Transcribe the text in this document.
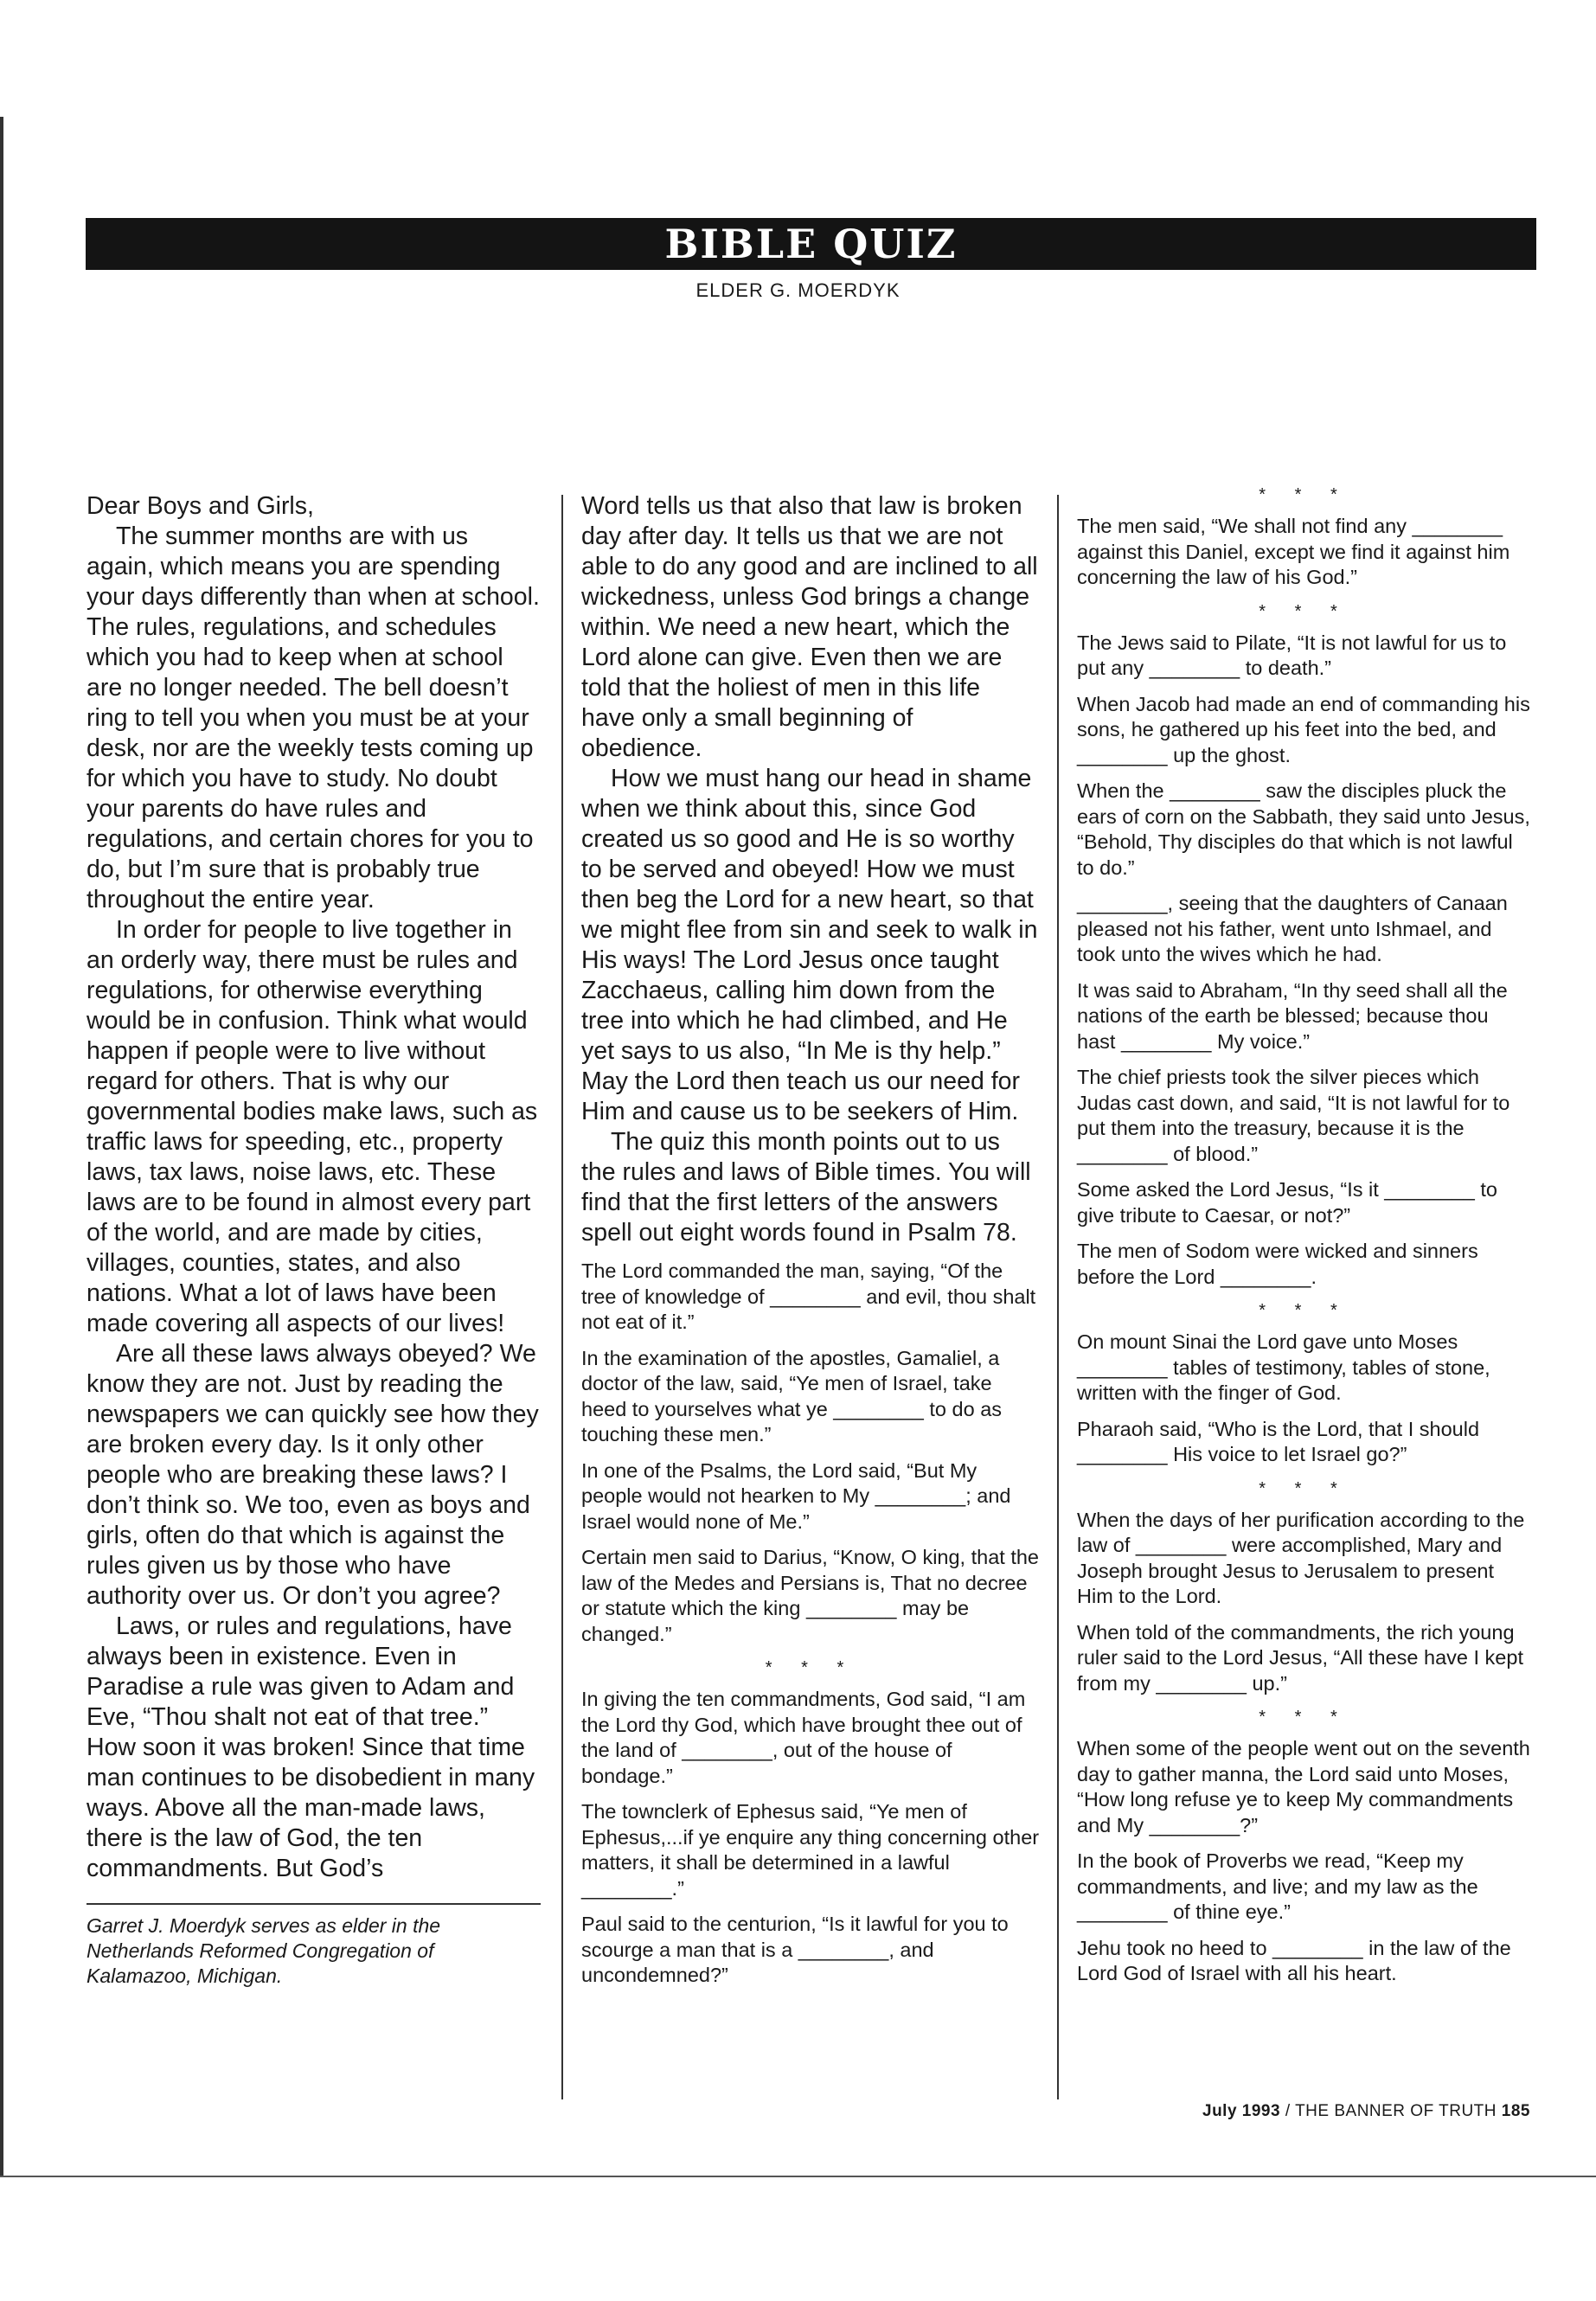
BIBLE QUIZ
ELDER G. MOERDYK

Dear Boys and Girls,

The summer months are with us again, which means you are spending your days differently than when at school. The rules, regulations, and schedules which you had to keep when at school are no longer needed. The bell doesn’t ring to tell you when you must be at your desk, nor are the weekly tests coming up for which you have to study. No doubt your parents do have rules and regulations, and certain chores for you to do, but I’m sure that is probably true throughout the entire year.

In order for people to live together in an orderly way, there must be rules and regulations, for otherwise everything would be in confusion. Think what would happen if people were to live without regard for others. That is why our governmental bodies make laws, such as traffic laws for speeding, etc., property laws, tax laws, noise laws, etc. These laws are to be found in almost every part of the world, and are made by cities, villages, counties, states, and also nations. What a lot of laws have been made covering all aspects of our lives!

Are all these laws always obeyed? We know they are not. Just by reading the newspapers we can quickly see how they are broken every day. Is it only other people who are breaking these laws? I don’t think so. We too, even as boys and girls, often do that which is against the rules given us by those who have authority over us. Or don’t you agree?

Laws, or rules and regulations, have always been in existence. Even in Paradise a rule was given to Adam and Eve, “Thou shalt not eat of that tree.” How soon it was broken! Since that time man continues to be disobedient in many ways. Above all the man-made laws, there is the law of God, the ten commandments. But God’s

Garret J. Moerdyk serves as elder in the Netherlands Reformed Congregation of Kalamazoo, Michigan.

Word tells us that also that law is broken day after day. It tells us that we are not able to do any good and are inclined to all wickedness, unless God brings a change within. We need a new heart, which the Lord alone can give. Even then we are told that the holiest of men in this life have only a small beginning of obedience.

How we must hang our head in shame when we think about this, since God created us so good and He is so worthy to be served and obeyed! How we must then beg the Lord for a new heart, so that we might flee from sin and seek to walk in His ways! The Lord Jesus once taught Zacchaeus, calling him down from the tree into which he had climbed, and He yet says to us also, “In Me is thy help.” May the Lord then teach us our need for Him and cause us to be seekers of Him.

The quiz this month points out to us the rules and laws of Bible times. You will find that the first letters of the answers spell out eight words found in Psalm 78.

The Lord commanded the man, saying, “Of the tree of knowledge of ________ and evil, thou shalt not eat of it.”

In the examination of the apostles, Gamaliel, a doctor of the law, said, “Ye men of Israel, take heed to yourselves what ye ________ to do as touching these men.”

In one of the Psalms, the Lord said, “But My people would not hearken to My ________; and Israel would none of Me.”

Certain men said to Darius, “Know, O king, that the law of the Medes and Persians is, That no decree or statute which the king ________ may be changed.”

* * *

In giving the ten commandments, God said, “I am the Lord thy God, which have brought thee out of the land of ________, out of the house of bondage.”

The townclerk of Ephesus said, “Ye men of Ephesus,...if ye enquire any thing concerning other matters, it shall be determined in a lawful ________.”

Paul said to the centurion, “Is it lawful for you to scourge a man that is a ________, and uncondemned?”

* * *

The men said, “We shall not find any ________ against this Daniel, except we find it against him concerning the law of his God.”

* * *

The Jews said to Pilate, “It is not lawful for us to put any ________ to death.”

When Jacob had made an end of commanding his sons, he gathered up his feet into the bed, and ________ up the ghost.

When the ________ saw the disciples pluck the ears of corn on the Sabbath, they said unto Jesus, “Behold, Thy disciples do that which is not lawful to do.”

________, seeing that the daughters of Canaan pleased not his father, went unto Ishmael, and took unto the wives which he had.

It was said to Abraham, “In thy seed shall all the nations of the earth be blessed; because thou hast ________ My voice.”

The chief priests took the silver pieces which Judas cast down, and said, “It is not lawful for to put them into the treasury, because it is the ________ of blood.”

Some asked the Lord Jesus, “Is it ________ to give tribute to Caesar, or not?”

The men of Sodom were wicked and sinners before the Lord ________.

* * *

On mount Sinai the Lord gave unto Moses ________ tables of testimony, tables of stone, written with the finger of God.

Pharaoh said, “Who is the Lord, that I should ________ His voice to let Israel go?”

* * *

When the days of her purification according to the law of ________ were accomplished, Mary and Joseph brought Jesus to Jerusalem to present Him to the Lord.

When told of the commandments, the rich young ruler said to the Lord Jesus, “All these have I kept from my ________ up.”

* * *

When some of the people went out on the seventh day to gather manna, the Lord said unto Moses, “How long refuse ye to keep My commandments and My ________?”

In the book of Proverbs we read, “Keep my commandments, and live; and my law as the ________ of thine eye.”

Jehu took no heed to ________ in the law of the Lord God of Israel with all his heart.

July 1993 / THE BANNER OF TRUTH 185
